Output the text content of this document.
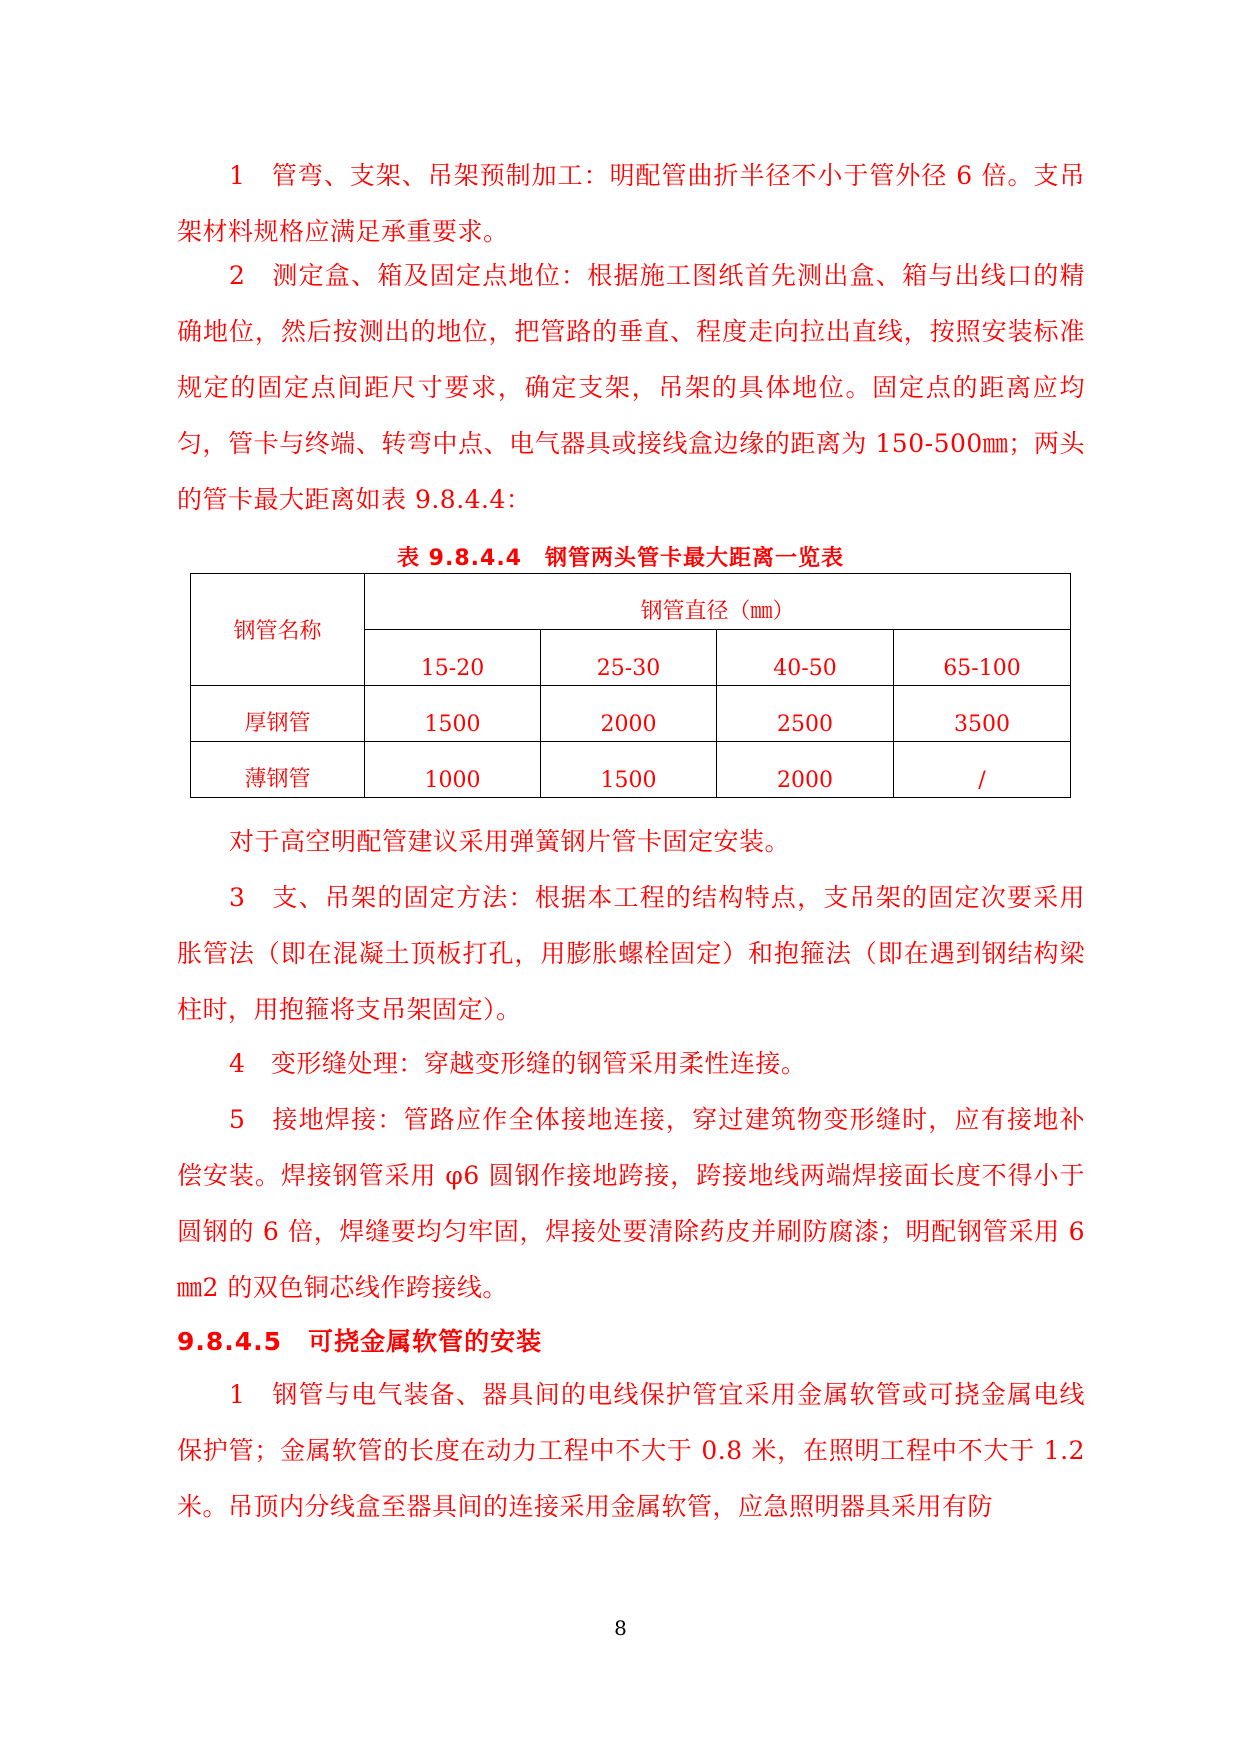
1　管弯、支架、吊架预制加工：明配管曲折半径不小于管外径 6 倍。支吊架材料规格应满足承重要求。

2　测定盒、箱及固定点地位：根据施工图纸首先测出盒、箱与出线口的精确地位，然后按测出的地位，把管路的垂直、程度走向拉出直线，按照安装标准规定的固定点间距尺寸要求，确定支架，吊架的具体地位。固定点的距离应均匀，管卡与终端、转弯中点、电气器具或接线盒边缘的距离为 150-500㎜；两头的管卡最大距离如表 9.8.4.4：

表 9.8.4.4　钢管两头管卡最大距离一览表

钢管名称	钢管直径（㎜）			
	15-20	25-30	40-50	65-100
厚钢管	1500	2000	2500	3500
薄钢管	1000	1500	2000	/

对于高空明配管建议采用弹簧钢片管卡固定安装。

3　支、吊架的固定方法：根据本工程的结构特点，支吊架的固定次要采用胀管法（即在混凝土顶板打孔，用膨胀螺栓固定）和抱箍法（即在遇到钢结构梁柱时，用抱箍将支吊架固定）。

4　变形缝处理：穿越变形缝的钢管采用柔性连接。

5　接地焊接：管路应作全体接地连接，穿过建筑物变形缝时，应有接地补偿安装。焊接钢管采用 φ6 圆钢作接地跨接，跨接地线两端焊接面长度不得小于圆钢的 6 倍，焊缝要均匀牢固，焊接处要清除药皮并刷防腐漆；明配钢管采用 6㎜2 的双色铜芯线作跨接线。

9.8.4.5　可挠金属软管的安装

1　钢管与电气装备、器具间的电线保护管宜采用金属软管或可挠金属电线保护管；金属软管的长度在动力工程中不大于 0.8 米，在照明工程中不大于 1.2 米。吊顶内分线盒至器具间的连接采用金属软管，应急照明器具采用有防

8
